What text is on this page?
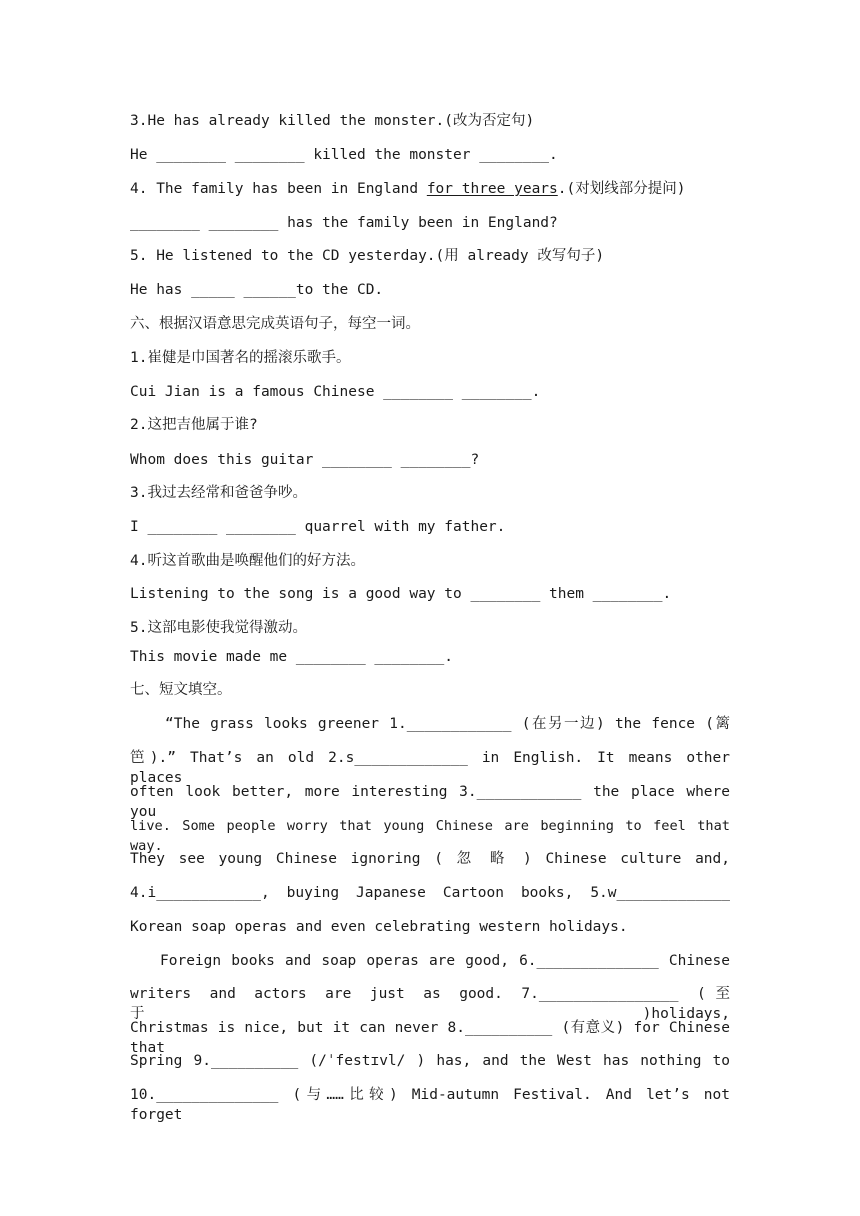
3.He has already killed the monster.(改为否定句)
He ________ ________ killed the monster ________.
4. The family has been in England for three years.(对划线部分提问)
________ ________ has the family been in England?
5. He listened to the CD yesterday.(用 already 改写句子)
He has _____ ______to the CD.
六、根据汉语意思完成英语句子，每空一词。
1.崔健是巾国著名的摇滚乐歌手。
Cui Jian is a famous Chinese ________ ________.
2.这把吉他属于谁?
Whom does this guitar ________ ________?
3.我过去经常和爸爸争吵。
I ________ ________ quarrel with my father.
4.听这首歌曲是唤醒他们的好方法。
Listening to the song is a good way to ________ them ________.
5.这部电影使我觉得激动。
This movie made me ________ ________.
七、短文填空。
“The grass looks greener 1.____________ (在另一边) the fence (篱
笆).” That’s an old 2.s_____________ in English. It means other places
often look better, more interesting 3.____________ the place where you
live. Some people worry that young Chinese are beginning to feel that way.
They see young Chinese ignoring ( 忽 略 ) Chinese culture and,
4.i____________, buying Japanese Cartoon books, 5.w_____________
Korean soap operas and even celebrating western holidays.
Foreign books and soap operas are good, 6.______________ Chinese
writers and actors are just as good. 7.________________ (至于)holidays,
Christmas is nice, but it can never 8.__________ (有意义) for Chinese that
Spring 9.__________ (/ˈfestɪvl/ ) has, and the West has nothing to
10.______________ (与……比较) Mid-autumn Festival. And let’s not forget
